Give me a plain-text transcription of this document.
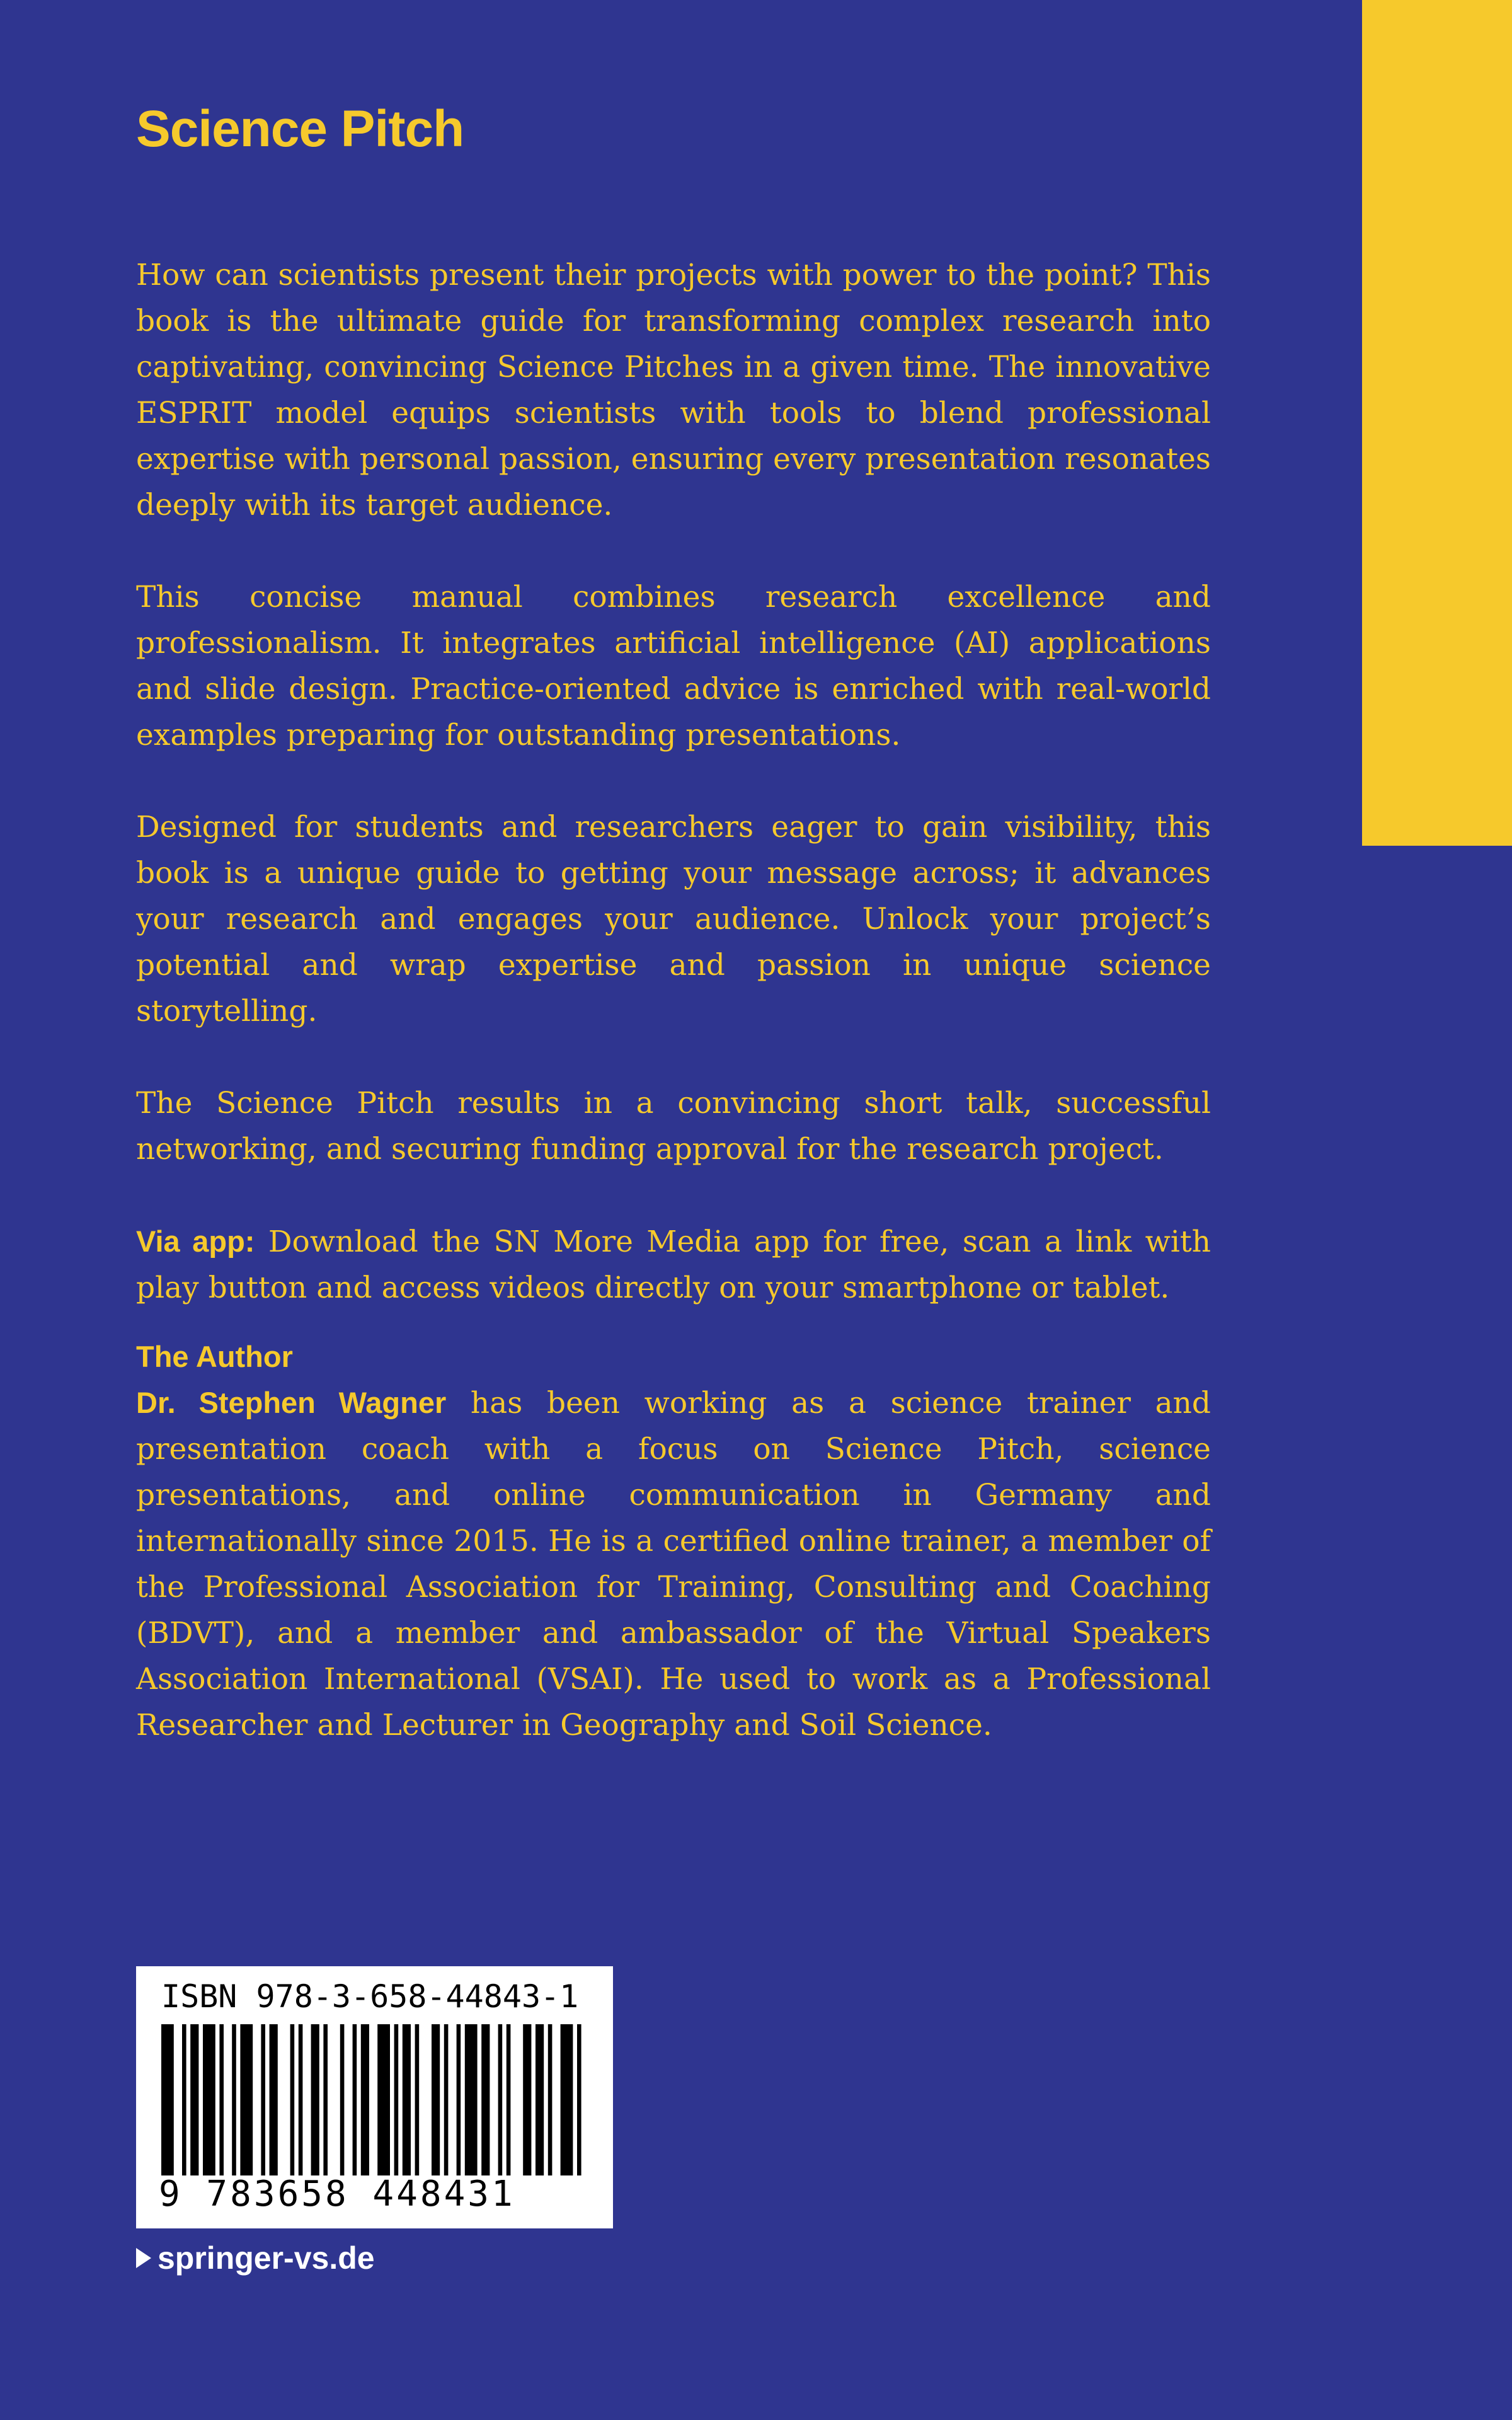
Science Pitch

How can scientists present their projects with power to the point? This book is the ultimate guide for transforming complex research into captivating, convincing Science Pitches in a given time. The innovative ESPRIT model equips scientists with tools to blend professional expertise with personal passion, ensuring every presentation resonates deeply with its target audience.

This concise manual combines research excellence and professionalism. It integrates artificial intelligence (AI) applications and slide design. Practice-oriented advice is enriched with real-world examples preparing for outstanding presentations.

Designed for students and researchers eager to gain visibility, this book is a unique guide to getting your message across; it advances your research and engages your audience. Unlock your project’s potential and wrap expertise and passion in unique science storytelling.

The Science Pitch results in a convincing short talk, successful networking, and securing funding approval for the research project.

Via app: Download the SN More Media app for free, scan a link with play button and access videos directly on your smartphone or tablet.

The Author

Dr. Stephen Wagner has been working as a science trainer and presentation coach with a focus on Science Pitch, science presentations, and online communication in Germany and internationally since 2015. He is a certified online trainer, a member of the Professional Association for Training, Consulting and Coaching (BDVT), and a member and ambassador of the Virtual Speakers Association International (VSAI). He used to work as a Professional Researcher and Lecturer in Geography and Soil Science.

ISBN 978-3-658-44843-1
9 783658 448431
springer-vs.de
